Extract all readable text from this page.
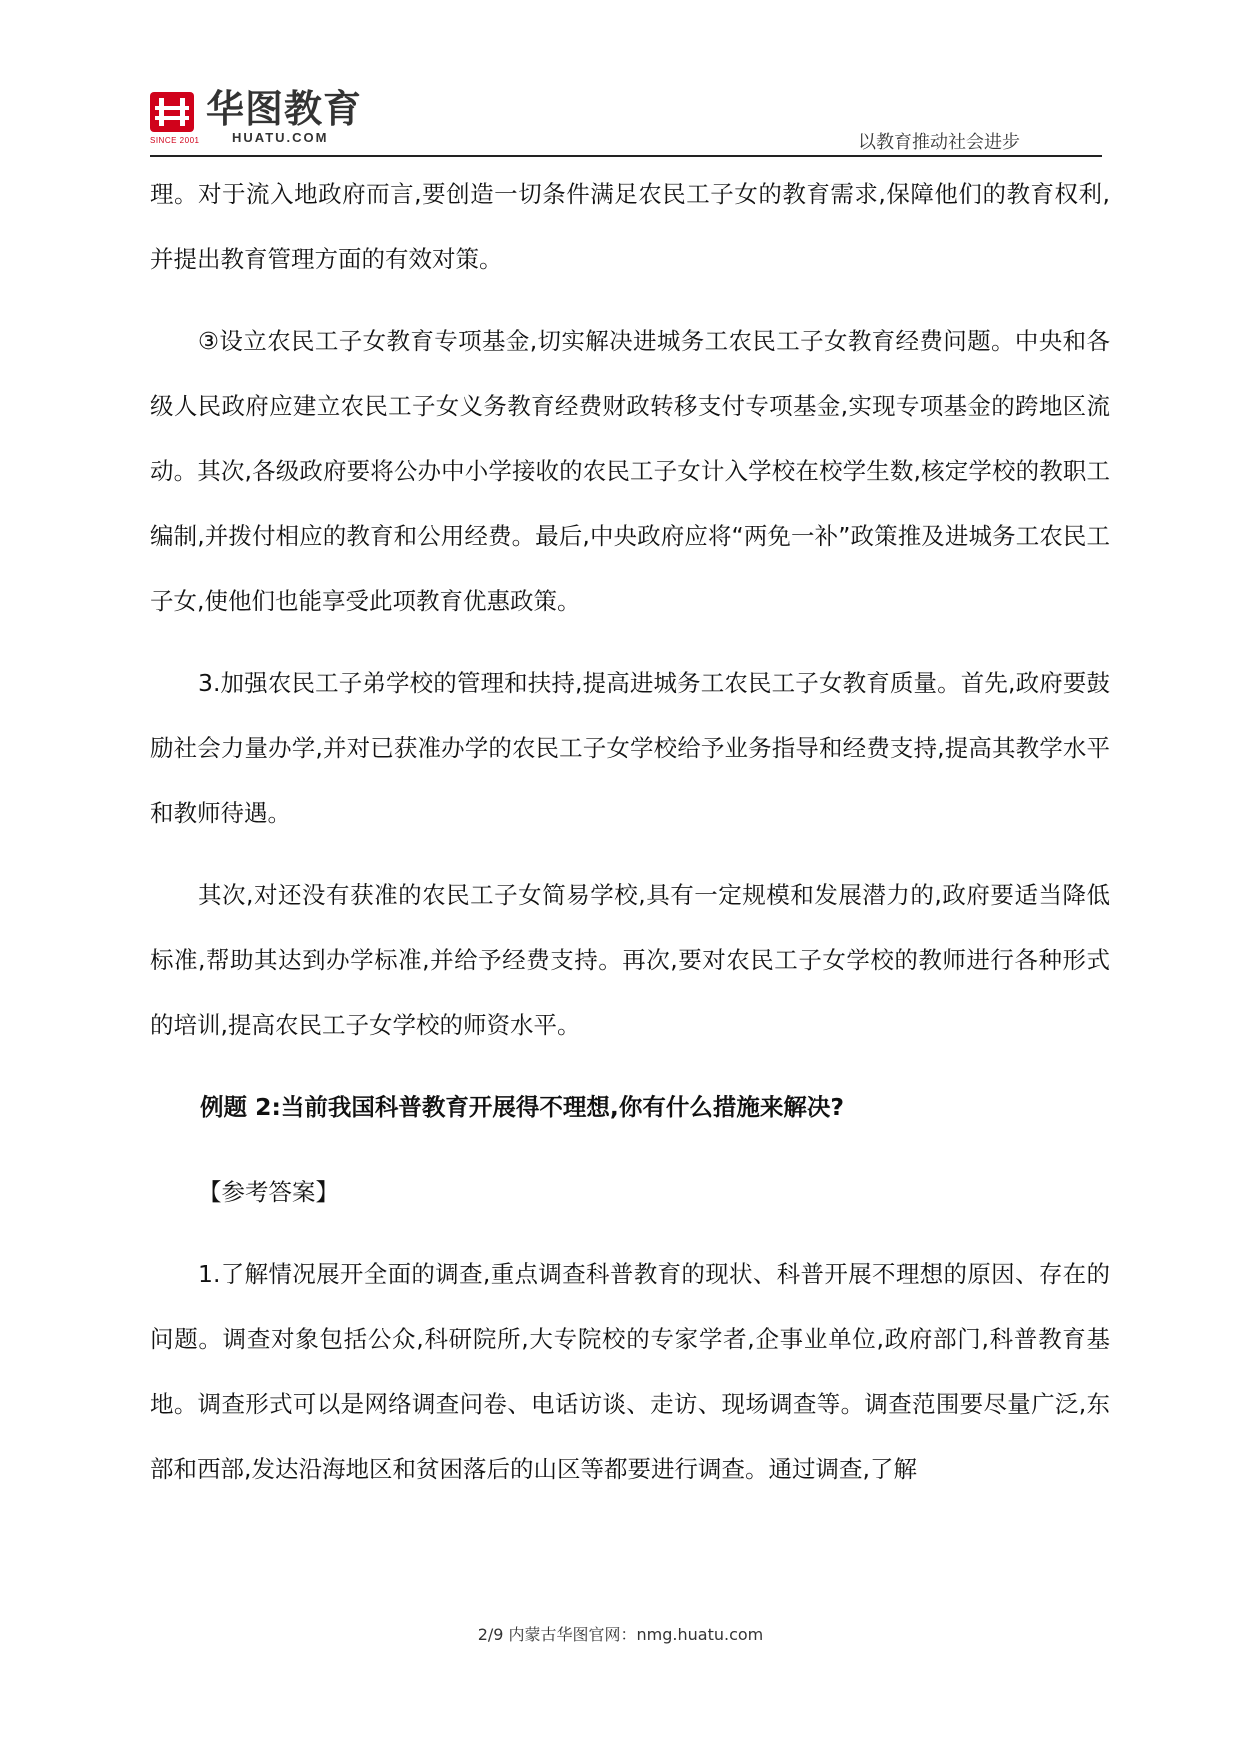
SINCE 2001
华图教育
HUATU.COM	以教育推动社会进步

理。对于流入地政府而言,要创造一切条件满足农民工子女的教育需求,保障他们的教育权利,并提出教育管理方面的有效对策。

③设立农民工子女教育专项基金,切实解决进城务工农民工子女教育经费问题。中央和各级人民政府应建立农民工子女义务教育经费财政转移支付专项基金,实现专项基金的跨地区流动。其次,各级政府要将公办中小学接收的农民工子女计入学校在校学生数,核定学校的教职工编制,并拨付相应的教育和公用经费。最后,中央政府应将“两免一补”政策推及进城务工农民工子女,使他们也能享受此项教育优惠政策。

3.加强农民工子弟学校的管理和扶持,提高进城务工农民工子女教育质量。首先,政府要鼓励社会力量办学,并对已获准办学的农民工子女学校给予业务指导和经费支持,提高其教学水平和教师待遇。

其次,对还没有获准的农民工子女简易学校,具有一定规模和发展潜力的,政府要适当降低标准,帮助其达到办学标准,并给予经费支持。再次,要对农民工子女学校的教师进行各种形式的培训,提高农民工子女学校的师资水平。

例题 2:当前我国科普教育开展得不理想,你有什么措施来解决?

【参考答案】

1.了解情况展开全面的调查,重点调查科普教育的现状、科普开展不理想的原因、存在的问题。调查对象包括公众,科研院所,大专院校的专家学者,企事业单位,政府部门,科普教育基地。调查形式可以是网络调查问卷、电话访谈、走访、现场调查等。调查范围要尽量广泛,东部和西部,发达沿海地区和贫困落后的山区等都要进行调查。通过调查,了解

2/9 内蒙古华图官网：nmg.huatu.com
